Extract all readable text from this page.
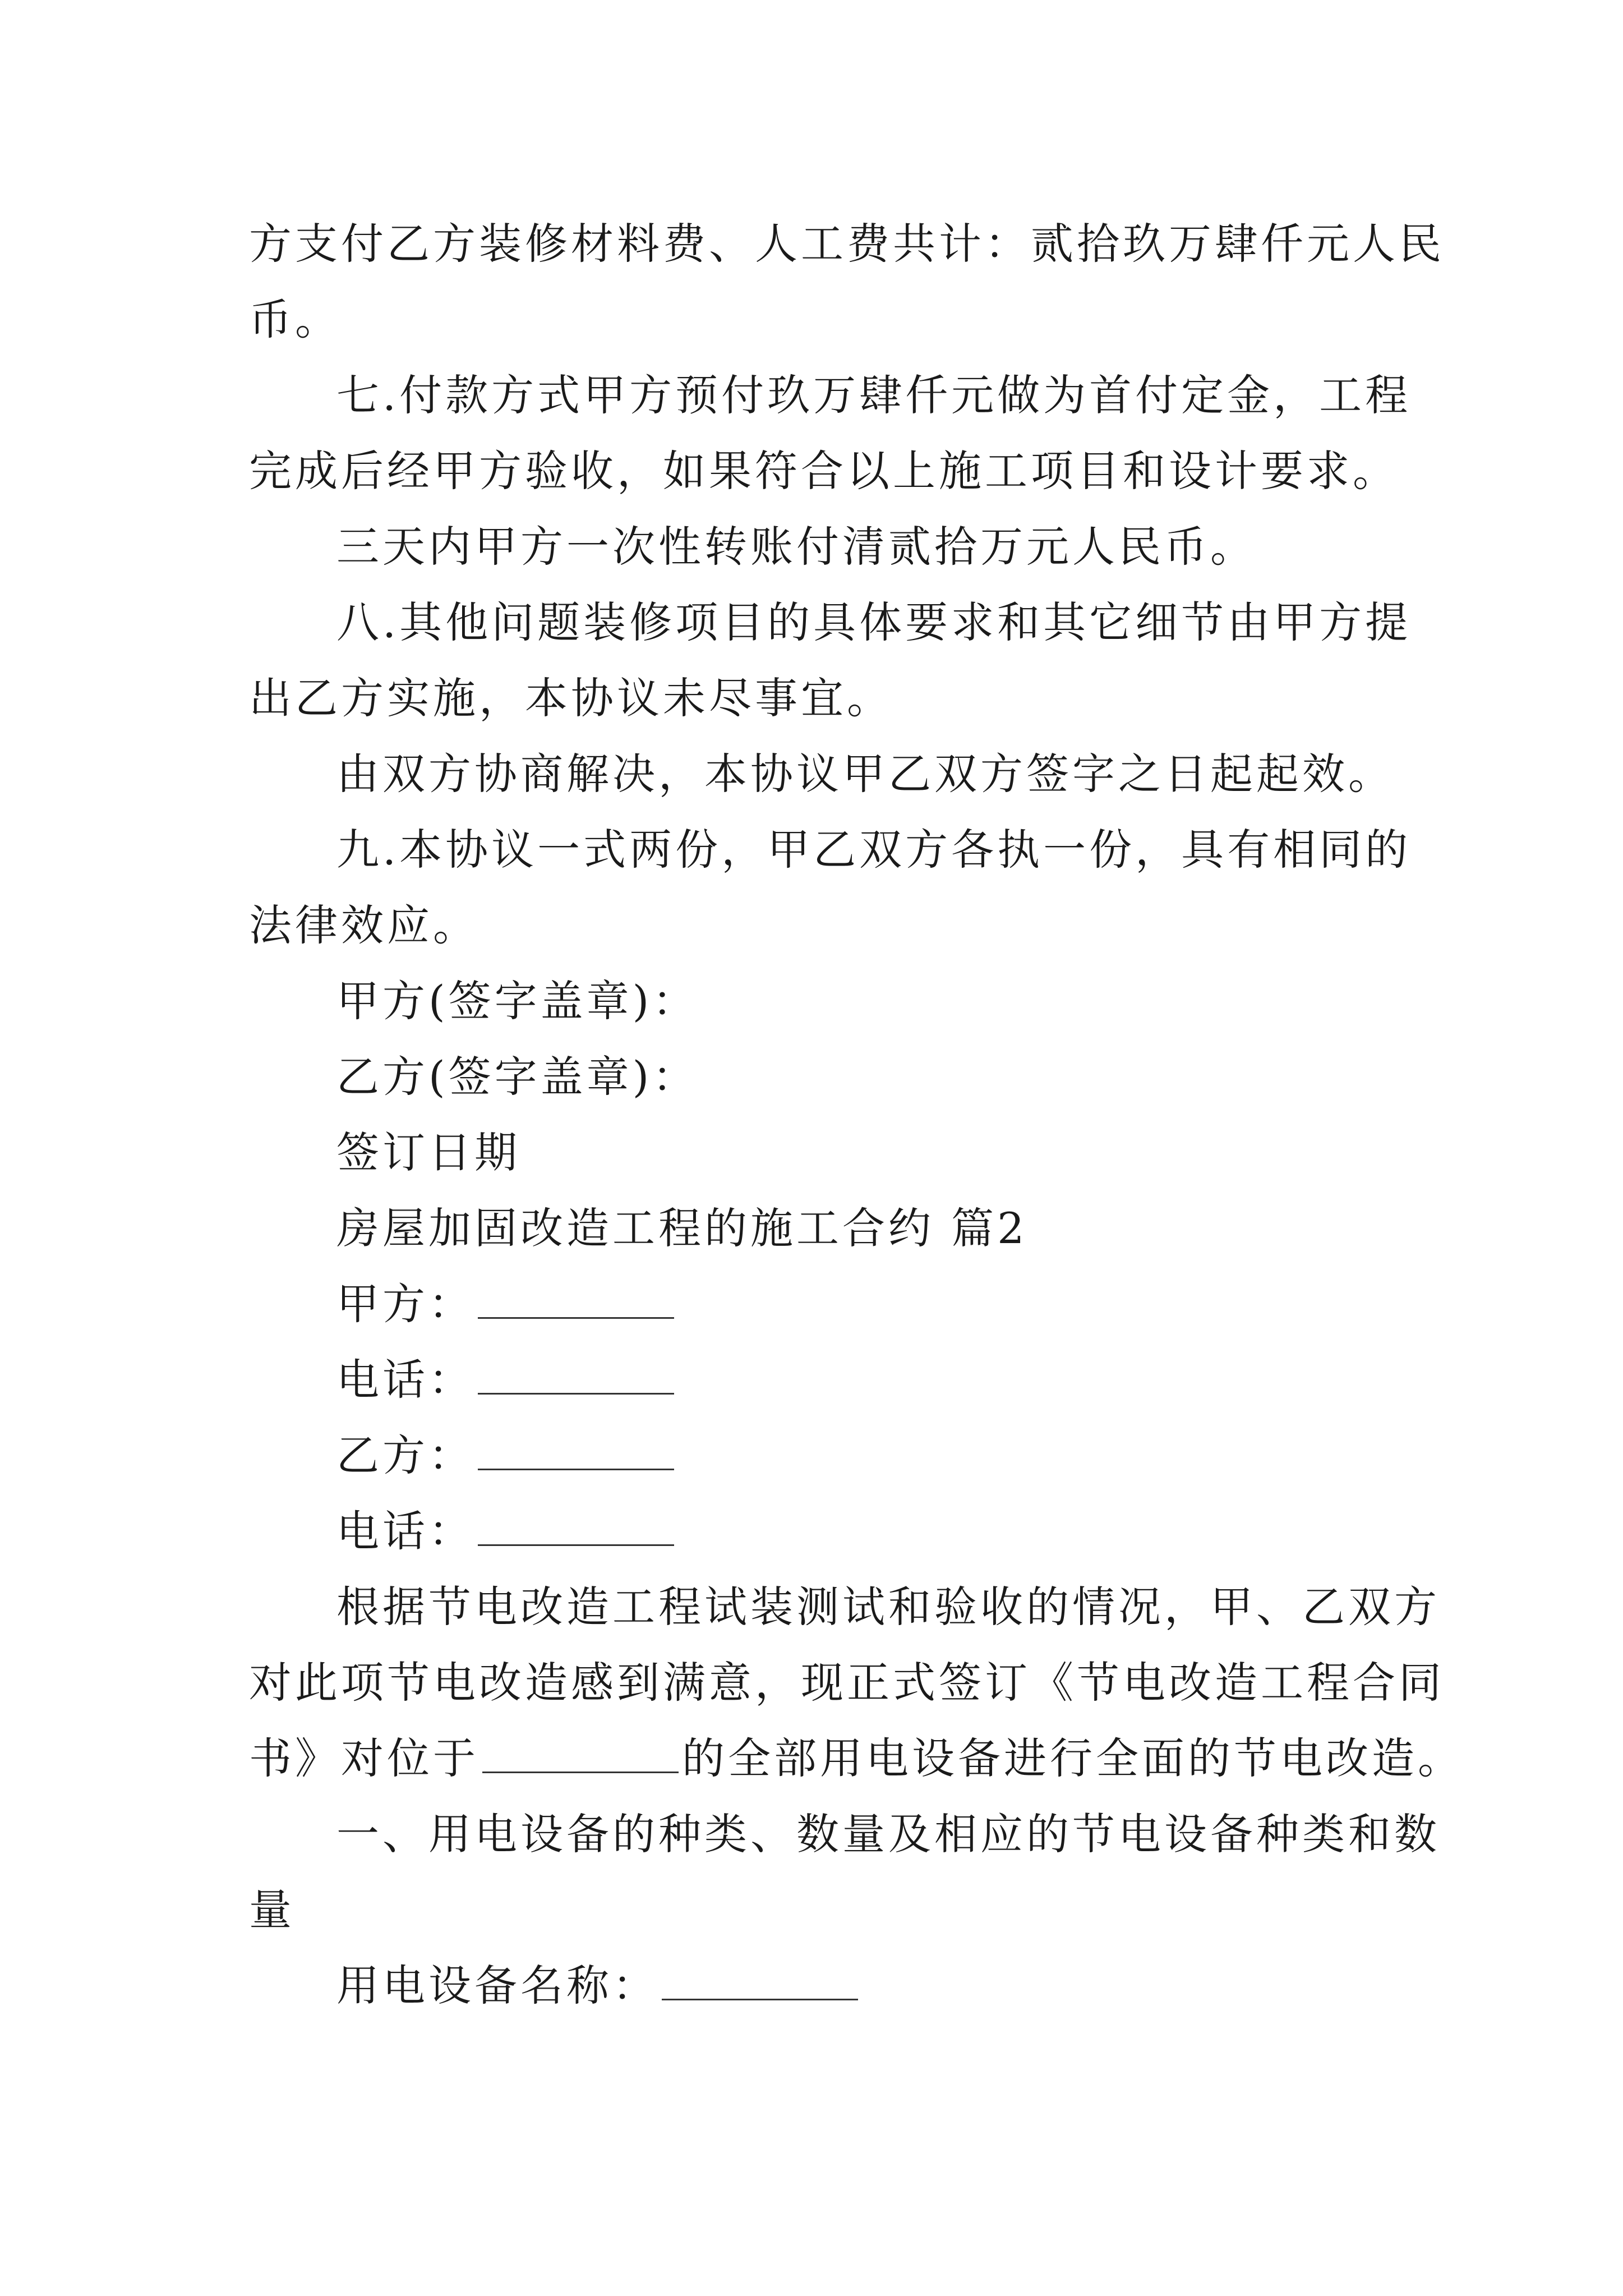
方支付乙方装修材料费、人工费共计：贰拾玖万肆仟元人民
币。
七.付款方式甲方预付玖万肆仟元做为首付定金，工程
完成后经甲方验收，如果符合以上施工项目和设计要求。
三天内甲方一次性转账付清贰拾万元人民币。
八.其他问题装修项目的具体要求和其它细节由甲方提
出乙方实施，本协议未尽事宜。
由双方协商解决，本协议甲乙双方签字之日起起效。
九.本协议一式两份，甲乙双方各执一份，具有相同的
法律效应。
甲方(签字盖章)：
乙方(签字盖章)：
签订日期
房屋加固改造工程的施工合约 篇2
甲方：
电话：
乙方：
电话：
根据节电改造工程试装测试和验收的情况，甲、乙双方
对此项节电改造感到满意，现正式签订《节电改造工程合同
书》对位于	的全部用电设备进行全面的节电改造。
一、用电设备的种类、数量及相应的节电设备种类和数
量
用电设备名称：
